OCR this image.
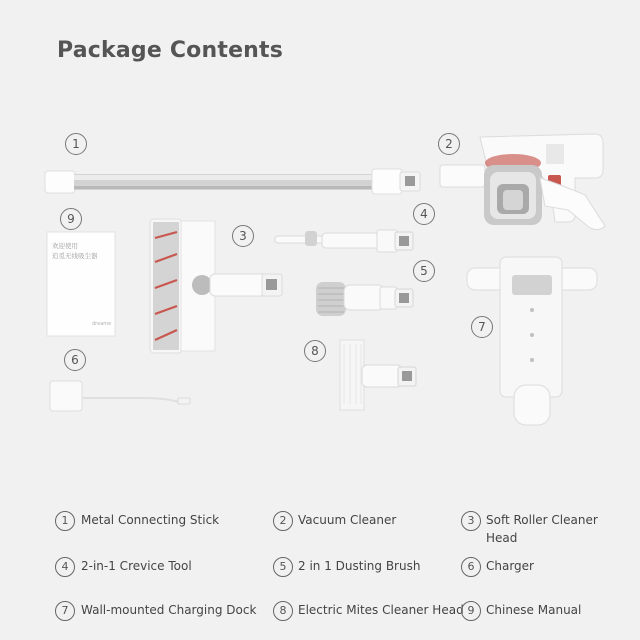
Package Contents
欢迎使用
追觅无线吸尘器
dreame
1	2
3
4
5
6
7
8
9
1	Metal Connecting Stick	2 Vacuum Cleaner	3 Soft Roller Cleaner
Head
4	2-in-1 Crevice Tool	5 2 in 1 Dusting Brush	6 Charger
7	Wall-mounted Charging Dock	8 Electric Mites Cleaner Head 9 Chinese Manual
